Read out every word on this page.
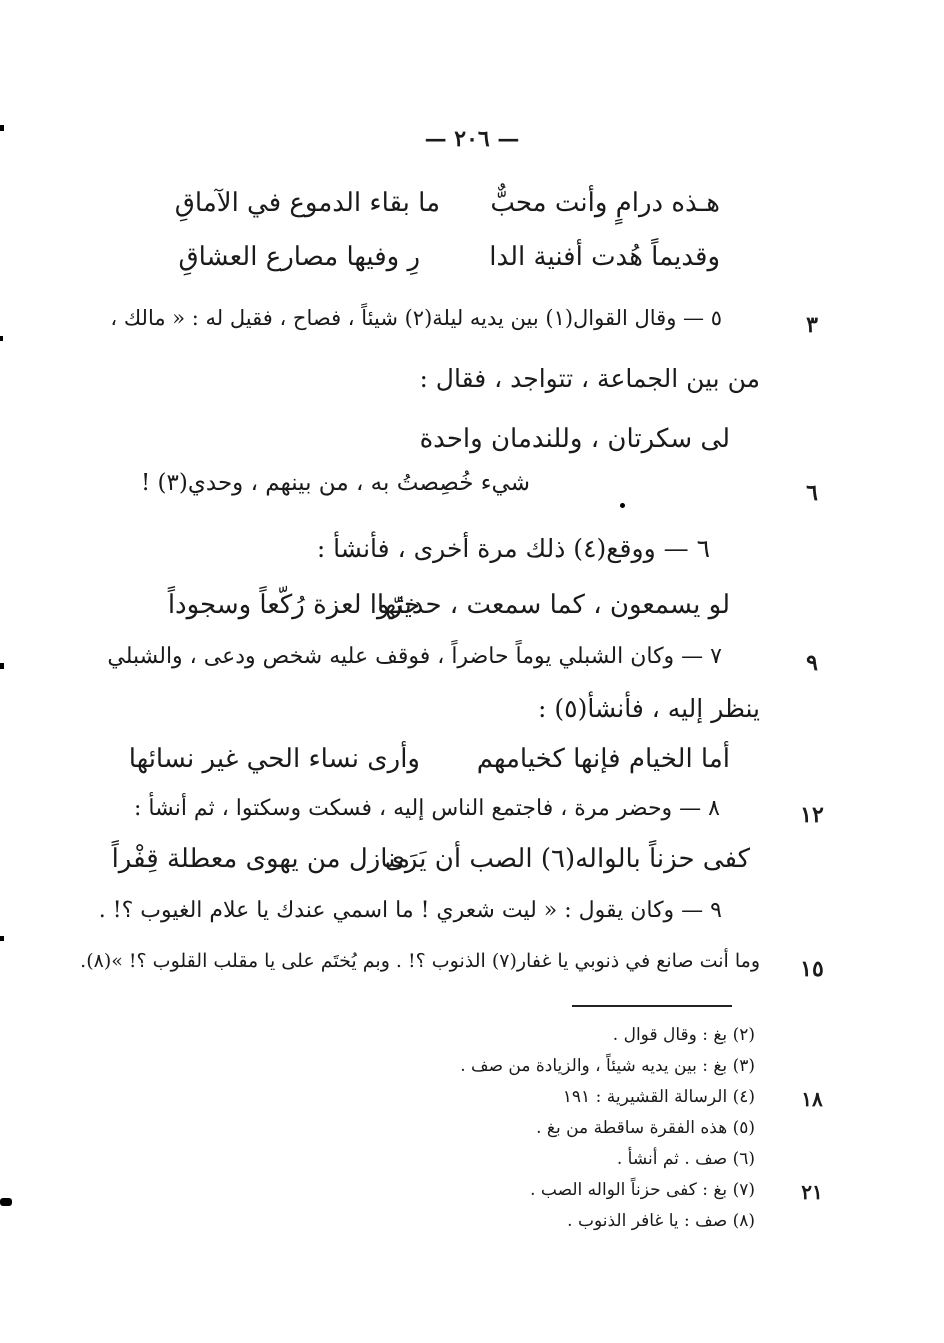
— ٢٠٦ —
هـذه درامٍ وأنت محبٌّ
ما بقاء الدموع في الآماقِ
وقديماً هُدت أفنية الدا
رِ وفيها مصارع العشاقِ
٣
٥ — وقال القوال(١) بين يديه ليلة(٢) شيئاً ، فصاح ، فقيل له : « مالك ،
من بين الجماعة ، تتواجد ، فقال :
لى سكرتان ، وللندمان واحدة
٦
شيء خُصِصتُ به ، من بينهم ، وحدي(٣) !
٦ — ووقع(٤) ذلك مرة أخرى ، فأنشأ :
لو يسمعون ، كما سمعت ، حديثها
خرّوا لعزة رُكّعاً وسجوداً
٩
٧ — وكان الشبلي يوماً حاضراً ، فوقف عليه شخص ودعى ، والشبلي
ينظر إليه ، فأنشأ(٥) :
أما الخيام فإنها كخيامهم
وأرى نساء الحي غير نسائها
١٢
٨ — وحضر مرة ، فاجتمع الناس إليه ، فسكت وسكتوا ، ثم أنشأ :
كفى حزناً بالواله(٦) الصب أن يَرَى
منازل من يهوى معطلة قِفْراً
٩ — وكان يقول : « ليت شعري ! ما اسمي عندك يا علام الغيوب ؟! .
١٥
وما أنت صانع في ذنوبي يا غفار(٧) الذنوب ؟! . وبم يُختَم على يا مقلب القلوب ؟! »(٨).
(٢) بغ : وقال قوال .
(٣) بغ : بين يديه شيئاً ، والزيادة من صف .
١٨
(٤) الرسالة القشيرية : ١٩١
(٥) هذه الفقرة ساقطة من بغ .
(٦) صف . ثم أنشأ .
٢١
(٧) بغ : كفى حزناً الواله الصب .
(٨) صف : يا غافر الذنوب .
